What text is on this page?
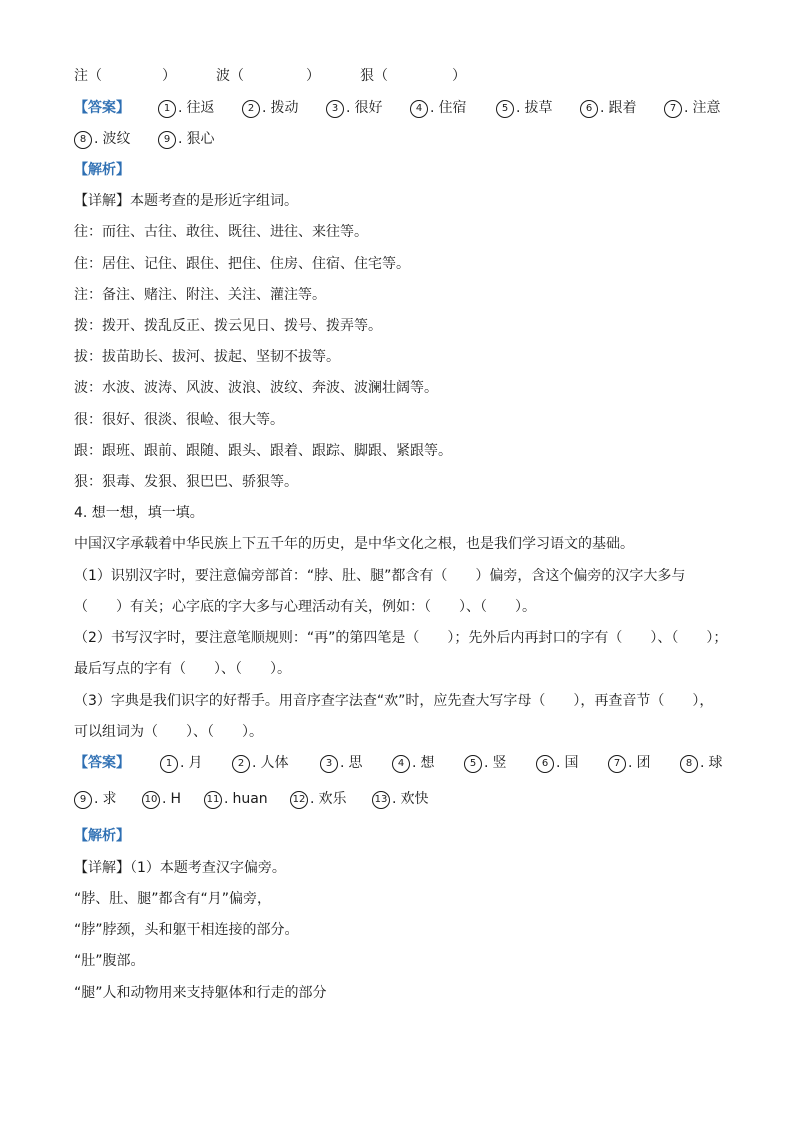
注（	）	波（	）	狠（	）
【答案】	1 . 往返	2 . 拨动	3 . 很好	4 . 住宿	5 . 拔草	6 . 跟着	7 . 注意
8 . 波纹	9 . 狠心
【解析】
【详解】本题考查的是形近字组词。
往：而往、古往、敢往、既往、进往、来往等。
住：居住、记住、跟住、把住、住房、住宿、住宅等。
注：备注、赌注、附注、关注、灌注等。
拨：拨开、拨乱反正、拨云见日、拨号、拨弄等。
拔：拔苗助长、拔河、拔起、坚韧不拔等。
波：水波、波涛、风波、波浪、波纹、奔波、波澜壮阔等。
很：很好、很淡、很崄、很大等。
跟：跟班、跟前、跟随、跟头、跟着、跟踪、脚跟、紧跟等。
狠：狠毒、发狠、狠巴巴、骄狠等。
4. 想一想，填一填。
中国汉字承载着中华民族上下五千年的历史，是中华文化之根，也是我们学习语文的基础。
（1）识别汉字时，要注意偏旁部首：“脖、肚、腿”都含有（　　）偏旁，含这个偏旁的汉字大多与
（　　）有关；心字底的字大多与心理活动有关，例如：（　　）、（　　）。
（2）书写汉字时，要注意笔顺规则：“再”的第四笔是（　　）；先外后内再封口的字有（　　）、（　　）；
最后写点的字有（　　）、（　　）。
（3）字典是我们识字的好帮手。用音序查字法查“欢”时，应先查大写字母（　　），再查音节（　　），
可以组词为（　　）、（　　）。
【答案】	1 . 月	2 . 人体	3 . 思	4 . 想	5 . 竖	6 . 国	7 . 团	8 . 球
9 . 求	10 . H	11 . huan 12 . 欢乐	13 . 欢快
【解析】
【详解】（1）本题考查汉字偏旁。
“脖、肚、腿”都含有“月”偏旁，
“脖”脖颈，头和躯干相连接的部分。
“肚”腹部。
“腿”人和动物用来支持躯体和行走的部分
